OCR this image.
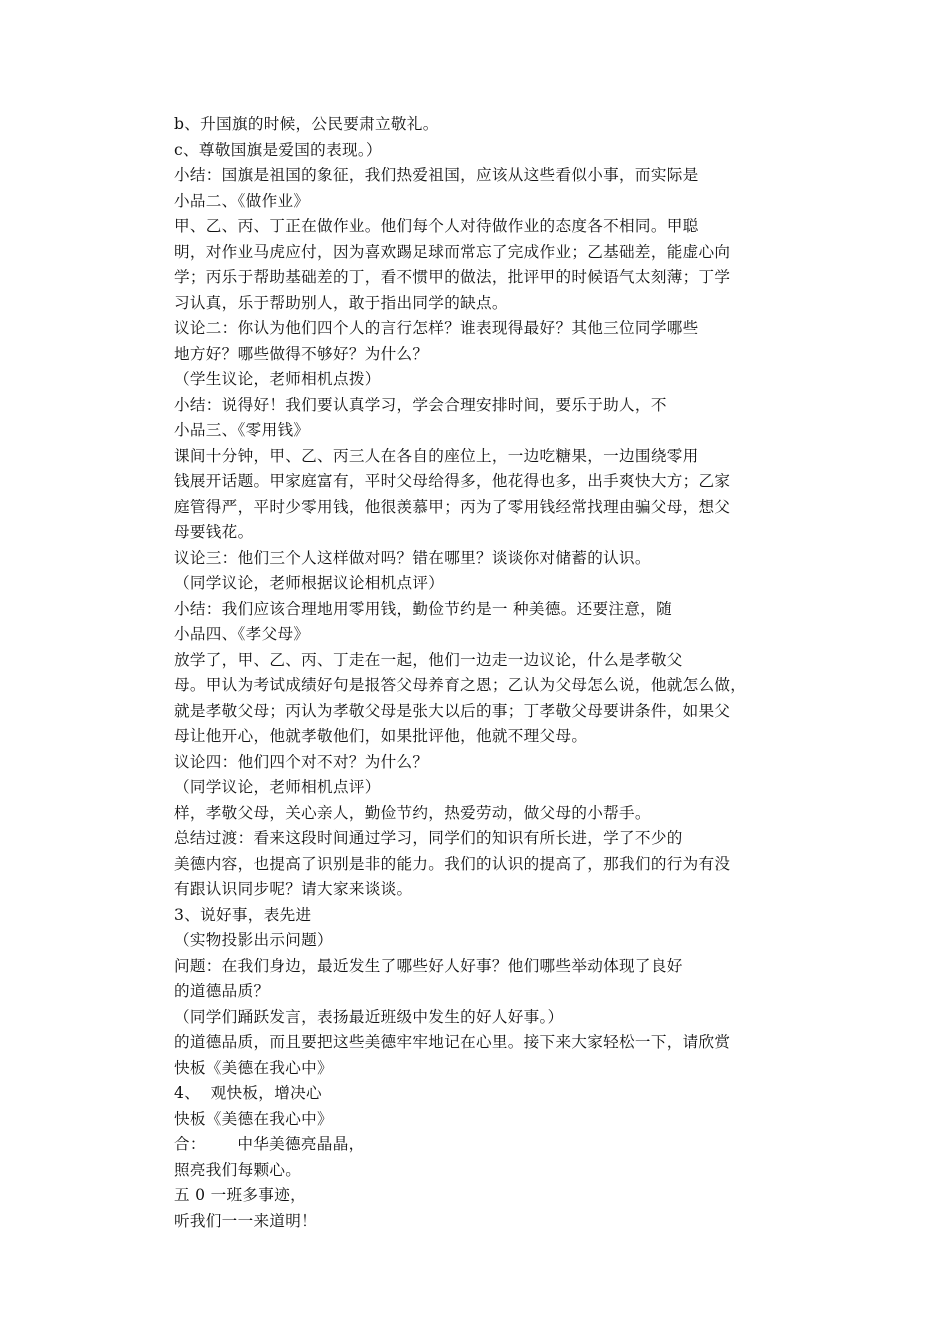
b、升国旗的时候，公民要肃立敬礼。
c、尊敬国旗是爱国的表现。）
小结：国旗是祖国的象征，我们热爱祖国，应该从这些看似小事，而实际是
小品二、《做作业》
甲、乙、丙、丁正在做作业。他们每个人对待做作业的态度各不相同。甲聪
明，对作业马虎应付，因为喜欢踢足球而常忘了完成作业；乙基础差，能虚心向
学；丙乐于帮助基础差的丁，看不惯甲的做法，批评甲的时候语气太刻薄；丁学
习认真，乐于帮助别人，敢于指出同学的缺点。
议论二：你认为他们四个人的言行怎样？谁表现得最好？其他三位同学哪些
地方好？哪些做得不够好？为什么？
（学生议论，老师相机点拨）
小结：说得好！我们要认真学习，学会合理安排时间，要乐于助人，不
小品三、《零用钱》
课间十分钟，甲、乙、丙三人在各自的座位上，一边吃糖果，一边围绕零用
钱展开话题。甲家庭富有，平时父母给得多，他花得也多，出手爽快大方；乙家
庭管得严，平时少零用钱，他很羡慕甲；丙为了零用钱经常找理由骗父母，想父
母要钱花。
议论三：他们三个人这样做对吗？错在哪里？谈谈你对储蓄的认识。
（同学议论，老师根据议论相机点评）
小结：我们应该合理地用零用钱，勤俭节约是一 种美德。还要注意，随
小品四、《孝父母》
放学了，甲、乙、丙、丁走在一起，他们一边走一边议论，什么是孝敬父
母。甲认为考试成绩好句是报答父母养育之恩；乙认为父母怎么说，他就怎么做，
就是孝敬父母；丙认为孝敬父母是张大以后的事；丁孝敬父母要讲条件，如果父
母让他开心，他就孝敬他们，如果批评他，他就不理父母。
议论四：他们四个对不对？为什么？
（同学议论，老师相机点评）
样，孝敬父母，关心亲人，勤俭节约，热爱劳动，做父母的小帮手。
总结过渡：看来这段时间通过学习，同学们的知识有所长进，学了不少的
美德内容，也提高了识别是非的能力。我们的认识的提高了，那我们的行为有没
有跟认识同步呢？请大家来谈谈。
3、说好事，表先进
（实物投影出示问题）
问题：在我们身边，最近发生了哪些好人好事？他们哪些举动体现了良好
的道德品质？
（同学们踊跃发言，表扬最近班级中发生的好人好事。）
的道德品质，而且要把这些美德牢牢地记在心里。接下来大家轻松一下，请欣赏
快板《美德在我心中》
4、  观快板，增决心
快板《美德在我心中》
合：      中华美德亮晶晶，
照亮我们每颗心。
五 0 一班多事迹，
听我们一一来道明！
